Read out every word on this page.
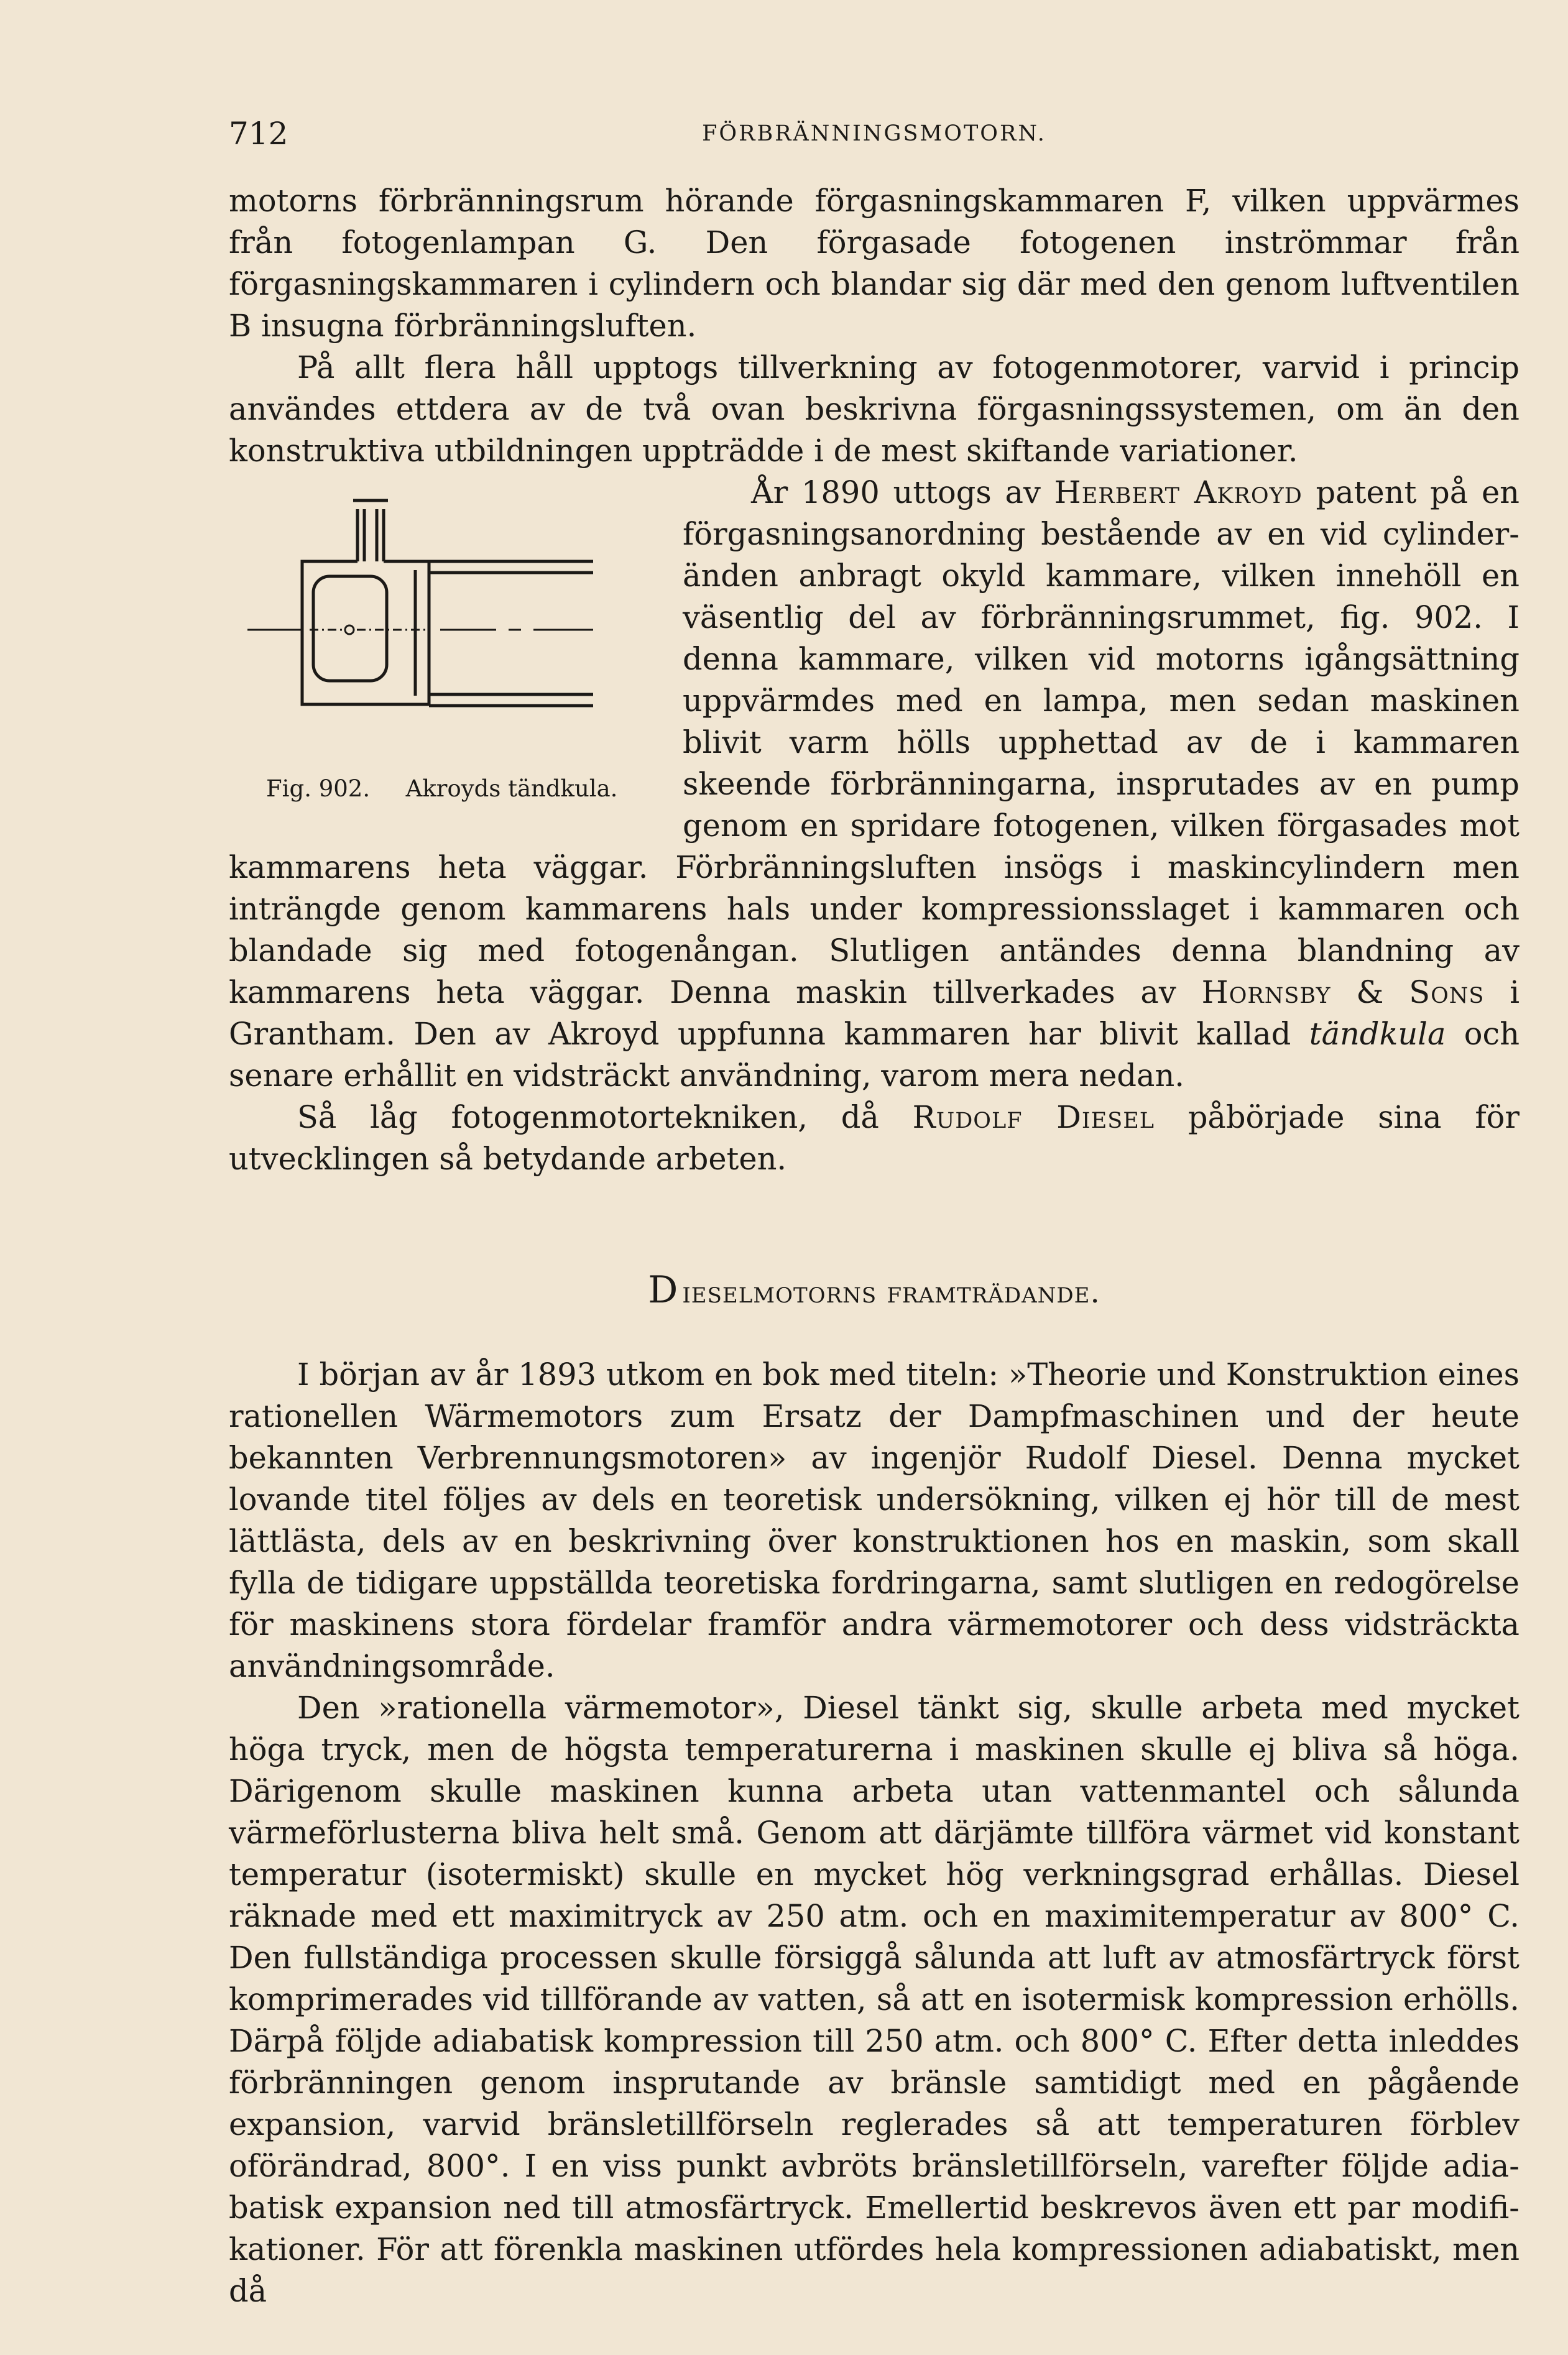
712	FÖRBRÄNNINGSMOTORN.

motorns förbränningsrum hörande förgasningskammaren F, vilken uppvärmes från fotogenlampan G. Den förgasade fotogenen inströmmar från förgasningskammaren i cylindern och blandar sig där med den genom luftventilen B insugna förbränningsluften.

På allt flera håll upptogs tillverkning av fotogenmotorer, varvid i princip användes ettdera av de två ovan beskrivna förgasningssystemen, om än den konstruktiva utbildningen uppträdde i de mest skiftande variationer.

Fig. 902. Akroyds tändkula.

År 1890 uttogs av Herbert Akroyd patent på en förgasningsanordning bestående av en vid cylinderänden anbragt okyld kammare, vilken innehöll en väsentlig del av förbränningsrummet, fig. 902. I denna kammare, vilken vid motorns igångsättning uppvärmdes med en lampa, men sedan maskinen blivit varm hölls upphettad av de i kammaren skeende förbränningarna, insprutades av en pump genom en spridare fotogenen, vilken förgasades mot kammarens heta väggar. Förbränningsluften insögs i maskincylindern men inträngde genom kammarens hals under kompressionsslaget i kammaren och blandade sig med fotogenångan. Slutligen antändes denna blandning av kammarens heta väggar. Denna maskin tillverkades av Hornsby & Sons i Grantham. Den av Akroyd uppfunna kammaren har blivit kallad tändkula och senare erhållit en vidsträckt användning, varom mera nedan.

Så låg fotogenmotortekniken, då Rudolf Diesel påbörjade sina för utvecklingen så betydande arbeten.

Dieselmotorns framträdande.

I början av år 1893 utkom en bok med titeln: »Theorie und Konstruktion eines rationellen Wärmemotors zum Ersatz der Dampfmaschinen und der heute bekannten Verbrennungsmotoren» av ingenjör Rudolf Diesel. Denna mycket lovande titel följes av dels en teoretisk undersökning, vilken ej hör till de mest lättlästa, dels av en beskrivning över konstruktionen hos en maskin, som skall fylla de tidigare uppställda teoretiska fordringarna, samt slutligen en redogörelse för maskinens stora fördelar framför andra värmemotorer och dess vidsträckta användningsområde.

Den »rationella värmemotor», Diesel tänkt sig, skulle arbeta med mycket höga tryck, men de högsta temperaturerna i maskinen skulle ej bliva så höga. Därigenom skulle maskinen kunna arbeta utan vattenmantel och sålunda värmeförlusterna bliva helt små. Genom att därjämte tillföra värmet vid konstant temperatur (isotermiskt) skulle en mycket hög verkningsgrad erhållas. Diesel räknade med ett maximitryck av 250 atm. och en maximitemperatur av 800° C. Den fullständiga processen skulle försiggå sålunda att luft av atmosfärtryck först komprimerades vid tillförande av vatten, så att en isotermisk kompression erhölls. Därpå följde adiabatisk kompression till 250 atm. och 800° C. Efter detta inleddes förbränningen genom insprutande av bränsle samtidigt med en pågående expansion, varvid bränsletillförseln reglerades så att temperaturen förblev oförändrad, 800°. I en viss punkt avbröts bränsletillförseln, varefter följde adiabatisk expansion ned till atmosfärtryck. Emellertid beskrevos även ett par modifikationer. För att förenkla maskinen utfördes hela kompressionen adiabatiskt, men då
